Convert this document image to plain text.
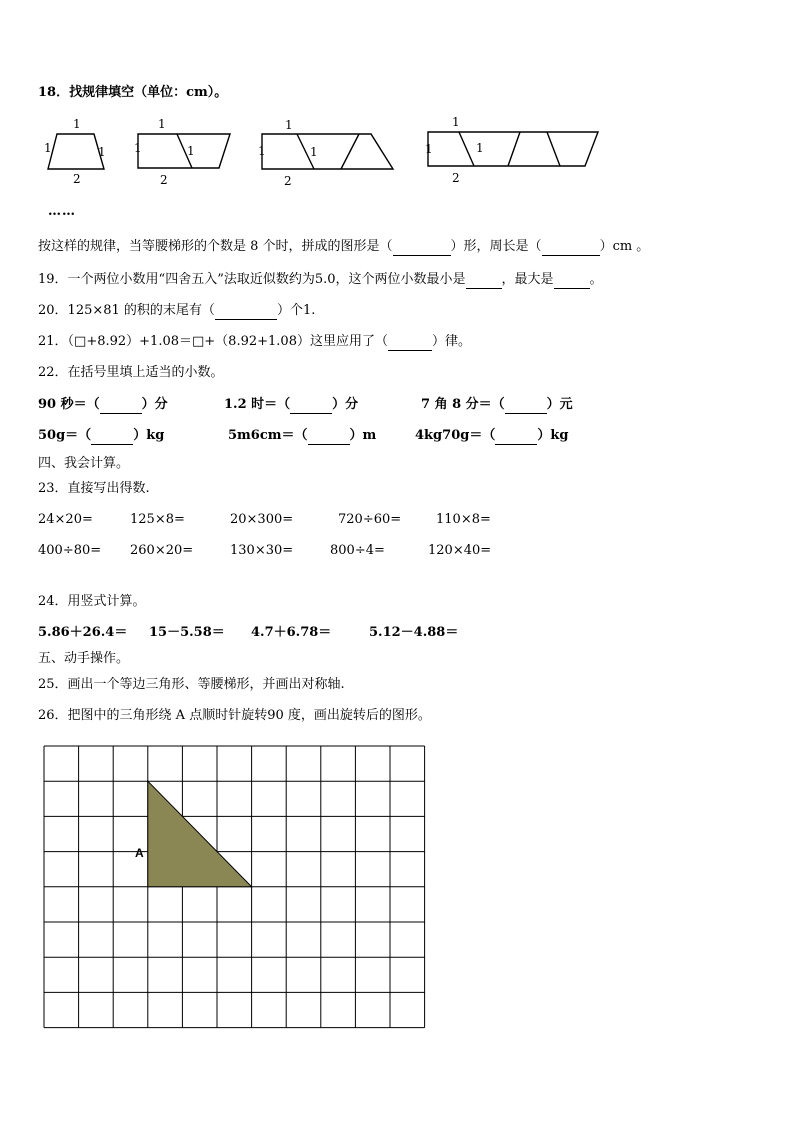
18．找规律填空（单位：cm）。
1
1	1
2
1
1	1
2
1
1	1
2
1
1	1
2
……
按这样的规律，当等腰梯形的个数是 8 个时，拼成的图形是（	）形，周长是（	）cm 。
19．一个两位小数用“四舍五入”法取近似数约为5.0，这个两位小数最小是	，最大是	。
20．125×81 的积的末尾有（	）个1.
21．（□+8.92）+1.08＝□+（8.92+1.08）这里应用了（	）律。
22．在括号里填上适当的小数。
90 秒＝（	）分	1.2 时＝（	）分	7 角 8 分＝（	）元
50g＝（	）kg	5m6cm＝（	）m	4kg70g＝（	）kg
四、我会计算。
23．直接写出得数.
24×20=	125×8=	20×300=	720÷60=	110×8=
400÷80= 260×20=	130×30=	800÷4=	120×40=
24．用竖式计算。
5.86＋26.4＝ 15－5.58＝ 4.7＋6.78＝	5.12－4.88＝
五、动手操作。
25．画出一个等边三角形、等腰梯形，并画出对称轴.
26．把图中的三角形绕 A 点顺时针旋转90 度，画出旋转后的图形。
A
